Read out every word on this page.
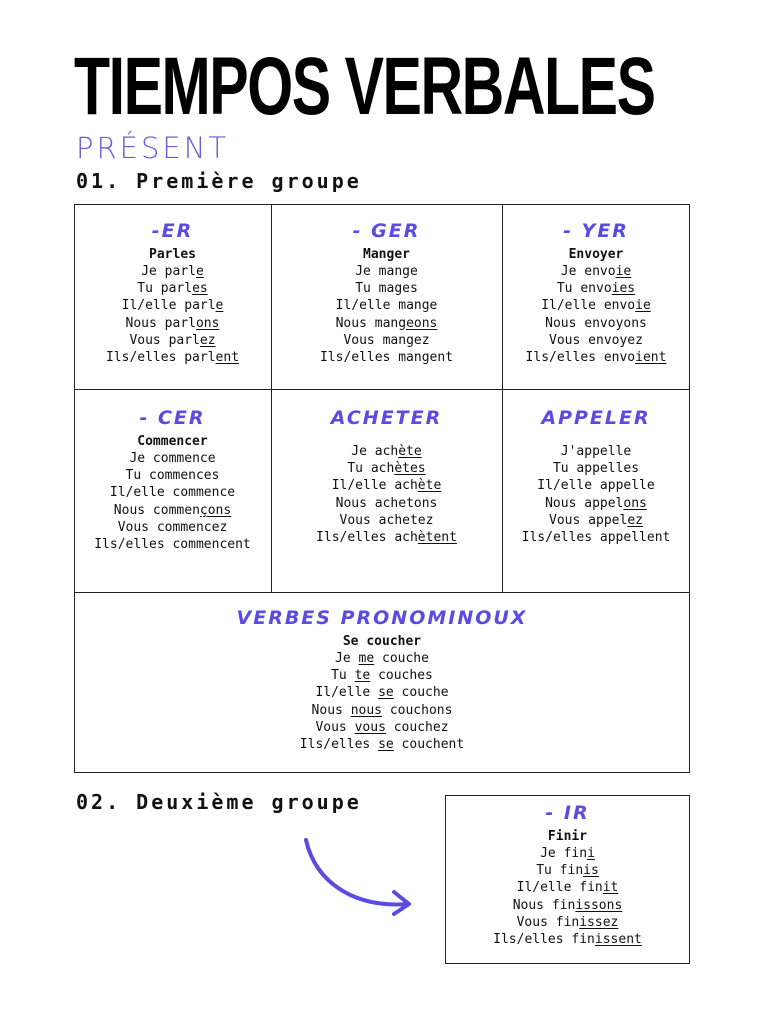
TIEMPOS VERBALES
PRÉSENT
01. Première groupe
-ER
Parles
Je parle
Tu parles
Il/elle parle
Nous parlons
Vous parlez
Ils/elles parlent
- GER
Manger
Je mange
Tu mages
Il/elle mange
Nous mangeons
Vous mangez
Ils/elles mangent
- YER
Envoyer
Je envoie
Tu envoies
Il/elle envoie
Nous envoyons
Vous envoyez
Ils/elles envoient
- CER
Commencer
Je commence
Tu commences
Il/elle commence
Nous commençons
Vous commencez
Ils/elles commencent
ACHETER
Je achète
Tu achètes
Il/elle achète
Nous achetons
Vous achetez
Ils/elles achètent
APPELER
J'appelle
Tu appelles
Il/elle appelle
Nous appelons
Vous appelez
Ils/elles appellent
VERBES PRONOMINOUX
Se coucher
Je me couche
Tu te couches
Il/elle se couche
Nous nous couchons
Vous vous couchez
Ils/elles se couchent
02. Deuxième groupe	- IR
Finir
Je fini
Tu finis
Il/elle finit
Nous finissons
Vous finissez
Ils/elles finissent
